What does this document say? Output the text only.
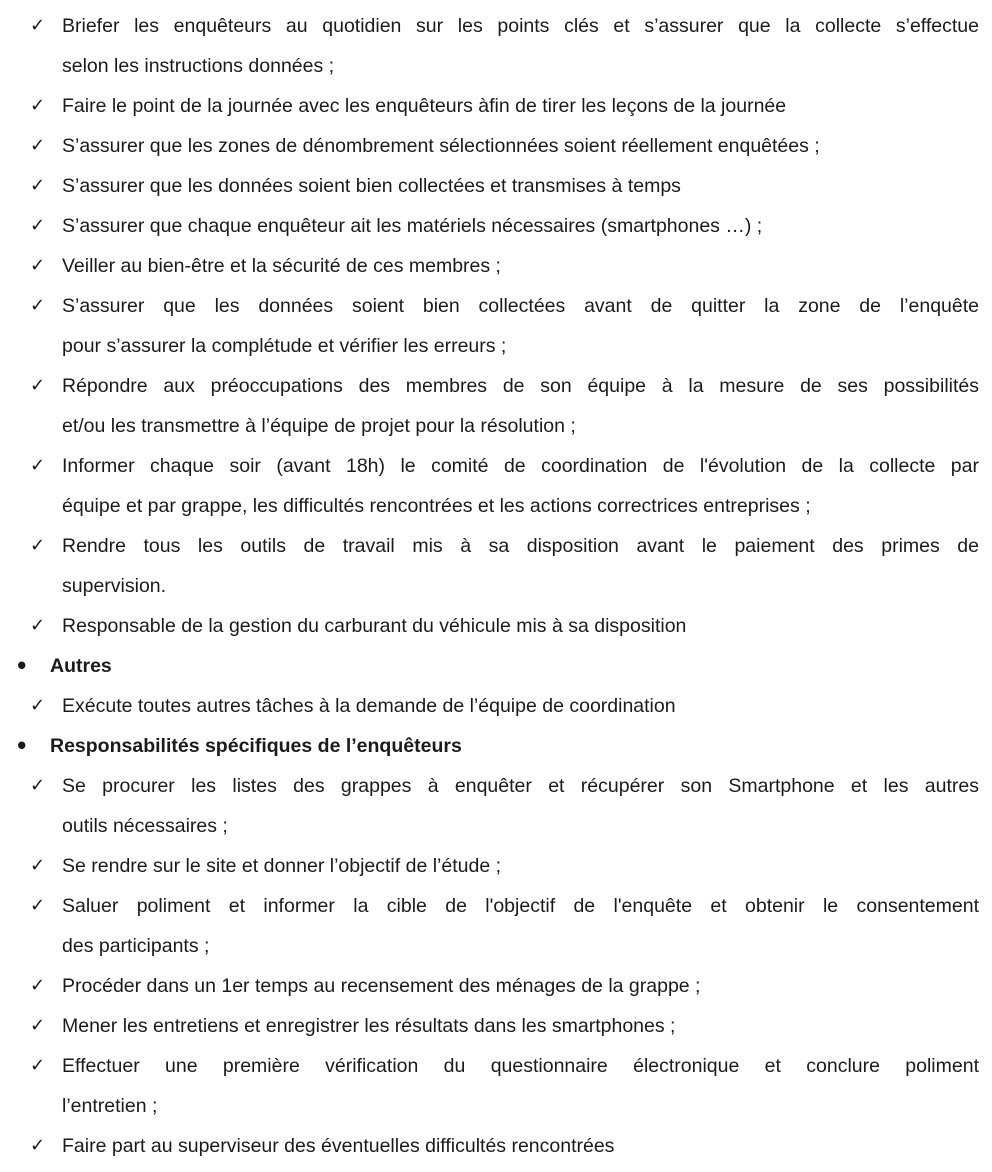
✓ Briefer les enquêteurs au quotidien sur les points clés et s’assurer que la collecte s’effectue
selon les instructions données ;
✓ Faire le point de la journée avec les enquêteurs àfin de tirer les leçons de la journée
✓ S’assurer que les zones de dénombrement sélectionnées soient réellement enquêtées ;
✓ S’assurer que les données soient bien collectées et transmises à temps
✓ S’assurer que chaque enquêteur ait les matériels nécessaires (smartphones …) ;
✓ Veiller au bien-être et la sécurité de ces membres ;
✓ S’assurer que les données soient bien collectées avant de quitter la zone de l’enquête
pour s’assurer la complétude et vérifier les erreurs ;
✓ Répondre aux préoccupations des membres de son équipe à la mesure de ses possibilités
et/ou les transmettre à l’équipe de projet pour la résolution ;
✓ Informer chaque soir (avant 18h) le comité de coordination de l'évolution de la collecte par
équipe et par grappe, les difficultés rencontrées et les actions correctrices entreprises ;
✓ Rendre tous les outils de travail mis à sa disposition avant le paiement des primes de
supervision.
✓ Responsable de la gestion du carburant du véhicule mis à sa disposition
•	Autres
✓ Exécute toutes autres tâches à la demande de l’équipe de coordination
•	Responsabilités spécifiques de l’enquêteurs
✓ Se procurer les listes des grappes à enquêter et récupérer son Smartphone et les autres
outils nécessaires ;
✓ Se rendre sur le site et donner l’objectif de l’étude ;
✓ Saluer poliment et informer la cible de l'objectif de l'enquête et obtenir le consentement
des participants ;
✓ Procéder dans un 1er temps au recensement des ménages de la grappe ;
✓ Mener les entretiens et enregistrer les résultats dans les smartphones ;
✓ Effectuer une première vérification du questionnaire électronique et conclure poliment
l’entretien ;
✓ Faire part au superviseur des éventuelles difficultés rencontrées
